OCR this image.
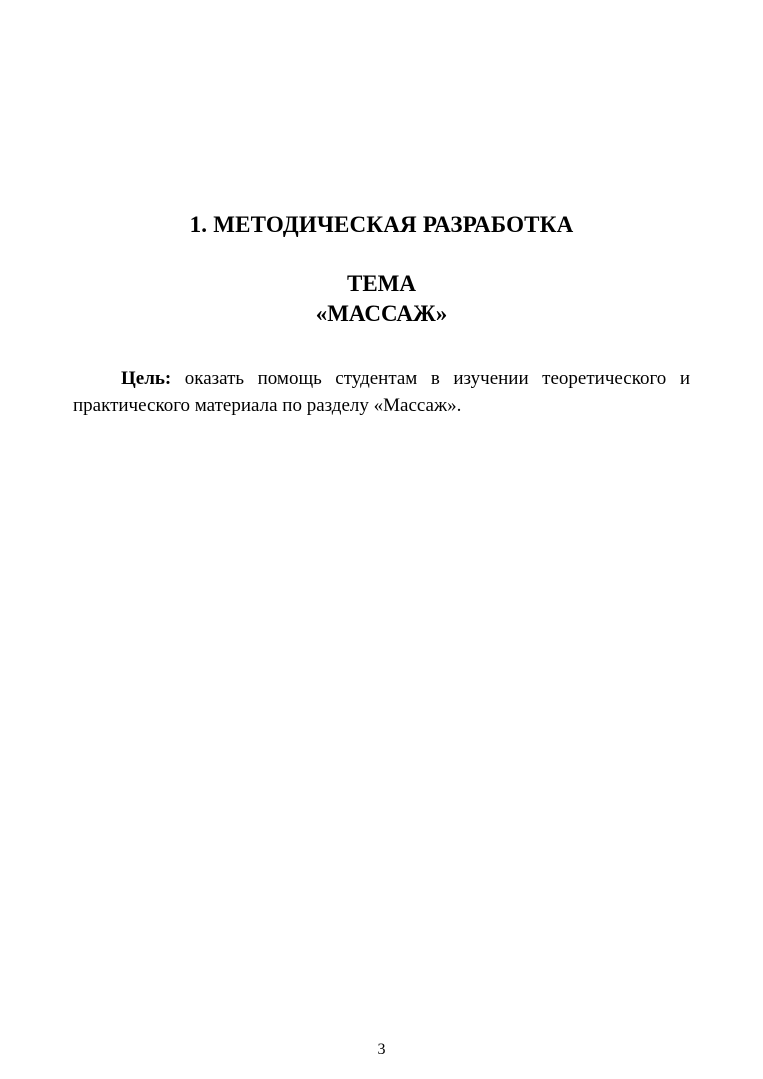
1. МЕТОДИЧЕСКАЯ РАЗРАБОТКА
ТЕМА
«МАССАЖ»

Цель: оказать помощь студентам в изучении теоретического и практического материала по разделу «Массаж».

3
